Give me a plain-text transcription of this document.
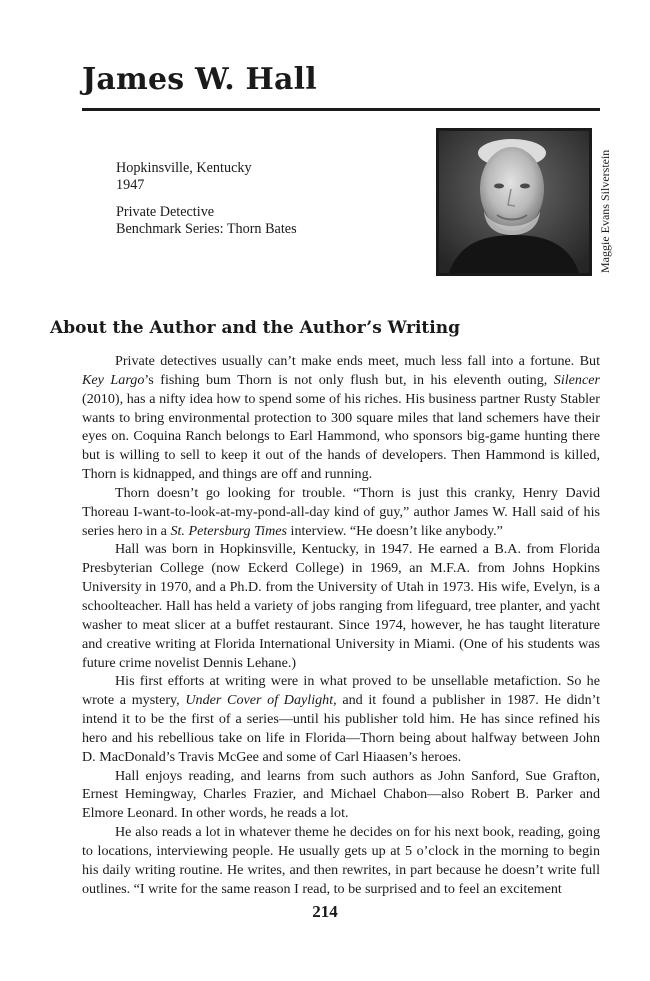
James W. Hall
Hopkinsville, Kentucky
1947
Private Detective
Benchmark Series: Thorn Bates	Maggie Evans Silverstein
About the Author and the Author’s Writing

Private detectives usually can’t make ends meet, much less fall into a fortune. But Key Largo’s fishing bum Thorn is not only flush but, in his eleventh outing, Silencer (2010), has a nifty idea how to spend some of his riches. His business partner Rusty Stabler wants to bring environmental protection to 300 square miles that land schemers have their eyes on. Coquina Ranch belongs to Earl Hammond, who sponsors big-game hunting there but is willing to sell to keep it out of the hands of developers. Then Hammond is killed, Thorn is kidnapped, and things are off and running.

Thorn doesn’t go looking for trouble. “Thorn is just this cranky, Henry David Thoreau I-want-to-look-at-my-pond-all-day kind of guy,” author James W. Hall said of his series hero in a St. Petersburg Times interview. “He doesn’t like anybody.”

Hall was born in Hopkinsville, Kentucky, in 1947. He earned a B.A. from Florida Presbyterian College (now Eckerd College) in 1969, an M.F.A. from Johns Hopkins University in 1970, and a Ph.D. from the University of Utah in 1973. His wife, Evelyn, is a schoolteacher. Hall has held a variety of jobs ranging from lifeguard, tree planter, and yacht washer to meat slicer at a buffet restaurant. Since 1974, however, he has taught literature and creative writing at Florida International University in Miami. (One of his students was future crime novelist Dennis Lehane.)

His first efforts at writing were in what proved to be unsellable metafiction. So he wrote a mystery, Under Cover of Daylight, and it found a publisher in 1987. He didn’t intend it to be the first of a series—until his publisher told him. He has since refined his hero and his rebellious take on life in Florida—Thorn being about halfway between John D. MacDonald’s Travis McGee and some of Carl Hiaasen’s heroes.

Hall enjoys reading, and learns from such authors as John Sanford, Sue Grafton, Ernest Hemingway, Charles Frazier, and Michael Chabon—also Robert B. Parker and Elmore Leonard. In other words, he reads a lot.

He also reads a lot in whatever theme he decides on for his next book, reading, going to locations, interviewing people. He usually gets up at 5 o’clock in the morning to begin his daily writing routine. He writes, and then rewrites, in part because he doesn’t write full outlines. “I write for the same reason I read, to be surprised and to feel an excitement

214
